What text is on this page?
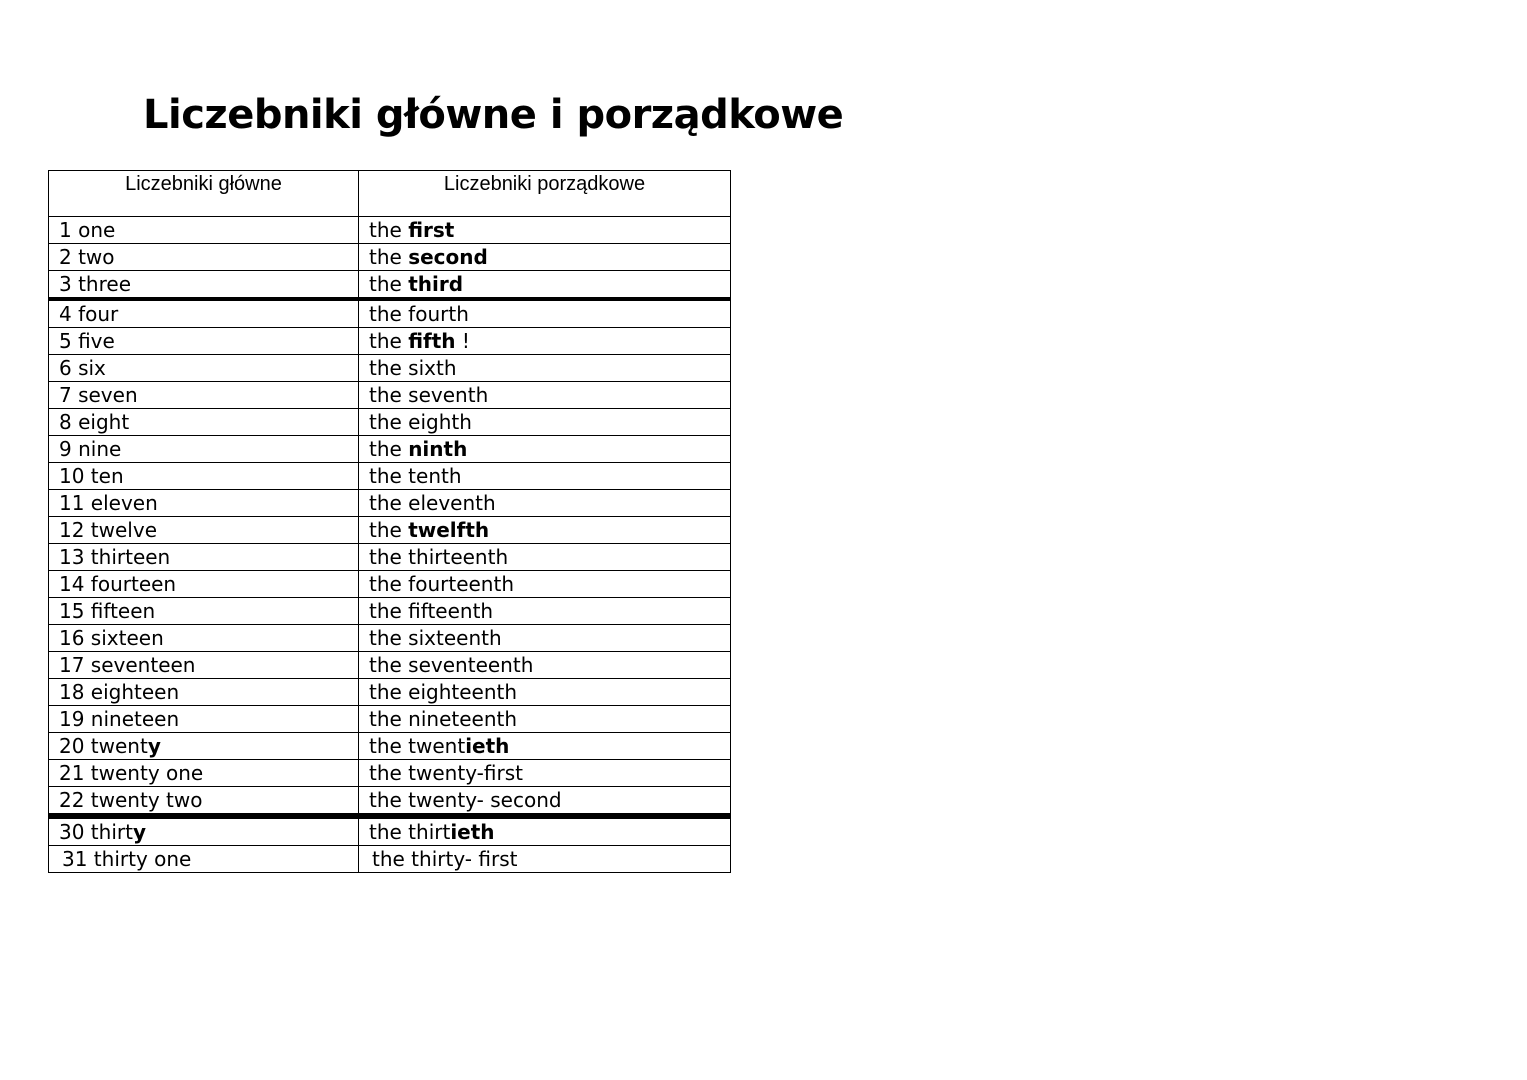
Liczebniki główne i porządkowe
Liczebniki główne	Liczebniki porządkowe
1 one	the first
2 two	the second
3 three	the third
4 four	the fourth
5 five	the fifth !
6 six	the sixth
7 seven	the seventh
8 eight	the eighth
9 nine	the ninth
10 ten	the tenth
11 eleven	the eleventh
12 twelve	the twelfth
13 thirteen	the thirteenth
14 fourteen	the fourteenth
15 fifteen	the fifteenth
16 sixteen	the sixteenth
17 seventeen	the seventeenth
18 eighteen	the eighteenth
19 nineteen	the nineteenth
20 twenty	the twentieth
21 twenty one	the twenty-first
22 twenty two	the twenty- second
30 thirty	the thirtieth
31 thirty one	the thirty- first
